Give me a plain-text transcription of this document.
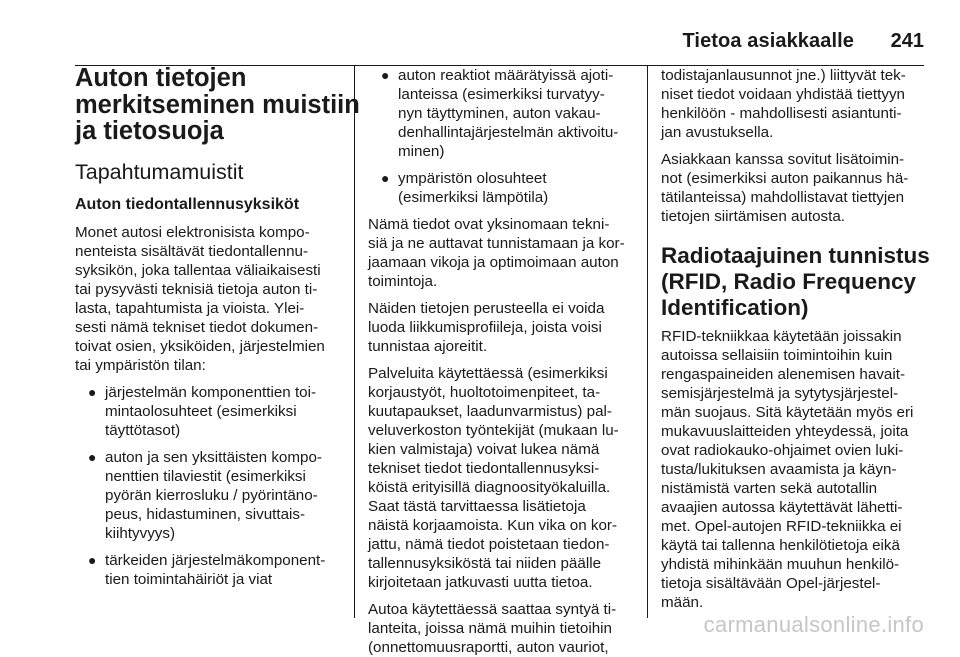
Tietoa asiakkaalle 241
Auton tietojen
merkitseminen muistiin
ja tietosuoja
Tapahtumamuistit
Auton tiedontallennusyksiköt
Monet autosi elektronisista kompo-
nenteista sisältävät tiedontallennu-
syksikön, joka tallentaa väliaikaisesti
tai pysyvästi teknisiä tietoja auton ti-
lasta, tapahtumista ja vioista. Ylei-
sesti nämä tekniset tiedot dokumen-
toivat osien, yksiköiden, järjestelmien
tai ympäristön tilan:
● järjestelmän komponenttien toi-
mintaolosuhteet (esimerkiksi
täyttötasot)
● auton ja sen yksittäisten kompo-
nenttien tilaviestit (esimerkiksi
pyörän kierrosluku / pyörintäno-
peus, hidastuminen, sivuttais-
kiihtyvyys)
● tärkeiden järjestelmäkomponent-
tien toimintahäiriöt ja viat
● auton reaktiot määrätyissä ajoti-
lanteissa (esimerkiksi turvatyy-
nyn täyttyminen, auton vakau-
denhallintajärjestelmän aktivoitu-
minen)
● ympäristön olosuhteet
(esimerkiksi lämpötila)
Nämä tiedot ovat yksinomaan tekni-
siä ja ne auttavat tunnistamaan ja kor-
jaamaan vikoja ja optimoimaan auton
toimintoja.
Näiden tietojen perusteella ei voida
luoda liikkumisprofiileja, joista voisi
tunnistaa ajoreitit.
Palveluita käytettäessä (esimerkiksi
korjaustyöt, huoltotoimenpiteet, ta-
kuutapaukset, laadunvarmistus) pal-
veluverkoston työntekijät (mukaan lu-
kien valmistaja) voivat lukea nämä
tekniset tiedot tiedontallennusyksi-
köistä erityisillä diagnoosityökaluilla.
Saat tästä tarvittaessa lisätietoja
näistä korjaamoista. Kun vika on kor-
jattu, nämä tiedot poistetaan tiedon-
tallennusyksiköstä tai niiden päälle
kirjoitetaan jatkuvasti uutta tietoa.
Autoa käytettäessä saattaa syntyä ti-
lanteita, joissa nämä muihin tietoihin
(onnettomuusraportti, auton vauriot,
todistajanlausunnot jne.) liittyvät tek-
niset tiedot voidaan yhdistää tiettyyn
henkilöön - mahdollisesti asiantunti-
jan avustuksella.
Asiakkaan kanssa sovitut lisätoimin-
not (esimerkiksi auton paikannus hä-
tätilanteissa) mahdollistavat tiettyjen
tietojen siirtämisen autosta.
Radiotaajuinen tunnistus
(RFID, Radio Frequency
Identification)
RFID-tekniikkaa käytetään joissakin
autoissa sellaisiin toimintoihin kuin
rengaspaineiden alenemisen havait-
semisjärjestelmä ja sytytysjärjestel-
män suojaus. Sitä käytetään myös eri
mukavuuslaitteiden yhteydessä, joita
ovat radiokauko-ohjaimet ovien luki-
tusta/lukituksen avaamista ja käyn-
nistämistä varten sekä autotallin
avaajien autossa käytettävät lähetti-
met. Opel-autojen RFID-tekniikka ei
käytä tai tallenna henkilötietoja eikä
yhdistä mihinkään muuhun henkilö-
tietoja sisältävään Opel-järjestel-
mään.
carmanualsonline.info
